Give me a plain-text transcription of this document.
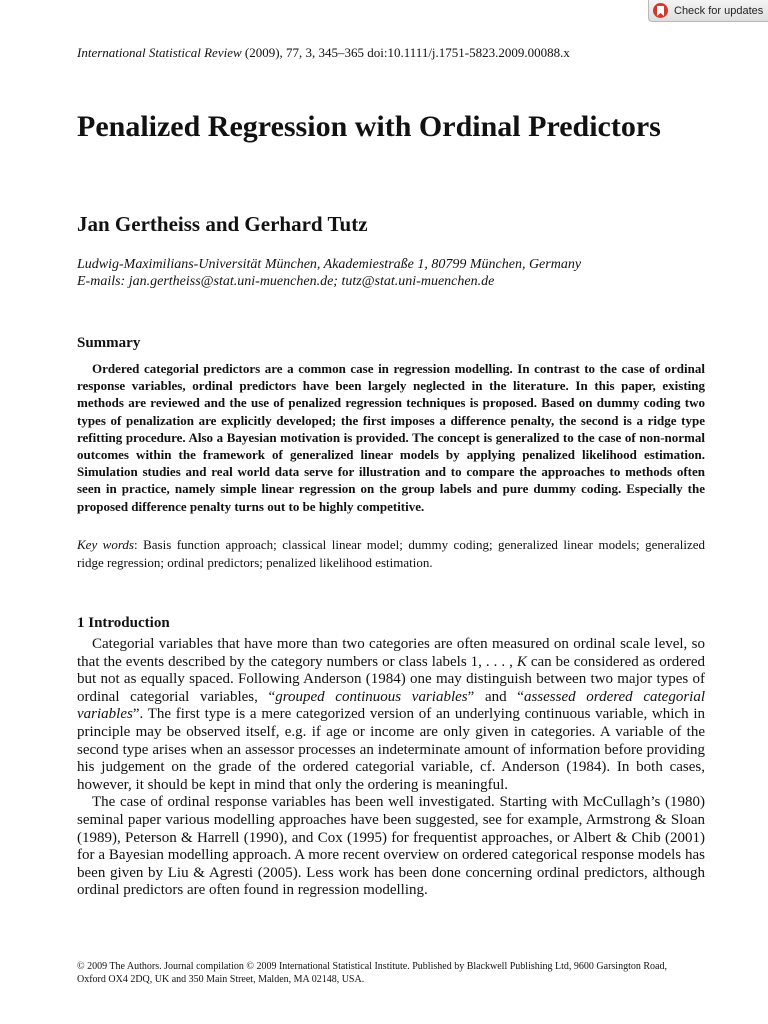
Check for updates
International Statistical Review (2009), 77, 3, 345–365 doi:10.1111/j.1751-5823.2009.00088.x
Penalized Regression with Ordinal Predictors
Jan Gertheiss and Gerhard Tutz
Ludwig-Maximilians-Universität München, Akademiestraße 1, 80799 München, Germany
E-mails: jan.gertheiss@stat.uni-muenchen.de; tutz@stat.uni-muenchen.de
Summary

Ordered categorial predictors are a common case in regression modelling. In contrast to the case of ordinal response variables, ordinal predictors have been largely neglected in the literature. In this paper, existing methods are reviewed and the use of penalized regression techniques is proposed. Based on dummy coding two types of penalization are explicitly developed; the first imposes a difference penalty, the second is a ridge type refitting procedure. Also a Bayesian motivation is provided. The concept is generalized to the case of non-normal outcomes within the framework of generalized linear models by applying penalized likelihood estimation. Simulation studies and real world data serve for illustration and to compare the approaches to methods often seen in practice, namely simple linear regression on the group labels and pure dummy coding. Especially the proposed difference penalty turns out to be highly competitive.

Key words: Basis function approach; classical linear model; dummy coding; generalized linear models; generalized ridge regression; ordinal predictors; penalized likelihood estimation.

1 Introduction

Categorial variables that have more than two categories are often measured on ordinal scale level, so that the events described by the category numbers or class labels 1, . . . , K can be considered as ordered but not as equally spaced. Following Anderson (1984) one may distinguish between two major types of ordinal categorial variables, “grouped continuous variables” and “assessed ordered categorial variables”. The first type is a mere categorized version of an underlying continuous variable, which in principle may be observed itself, e.g. if age or income are only given in categories. A variable of the second type arises when an assessor processes an indeterminate amount of information before providing his judgement on the grade of the ordered categorial variable, cf. Anderson (1984). In both cases, however, it should be kept in mind that only the ordering is meaningful.

The case of ordinal response variables has been well investigated. Starting with McCullagh’s (1980) seminal paper various modelling approaches have been suggested, see for example, Armstrong & Sloan (1989), Peterson & Harrell (1990), and Cox (1995) for frequentist approaches, or Albert & Chib (2001) for a Bayesian modelling approach. A more recent overview on ordered categorical response models has been given by Liu & Agresti (2005). Less work has been done concerning ordinal predictors, although ordinal predictors are often found in regression modelling.

© 2009 The Authors. Journal compilation © 2009 International Statistical Institute. Published by Blackwell Publishing Ltd, 9600 Garsington Road,
Oxford OX4 2DQ, UK and 350 Main Street, Malden, MA 02148, USA.
